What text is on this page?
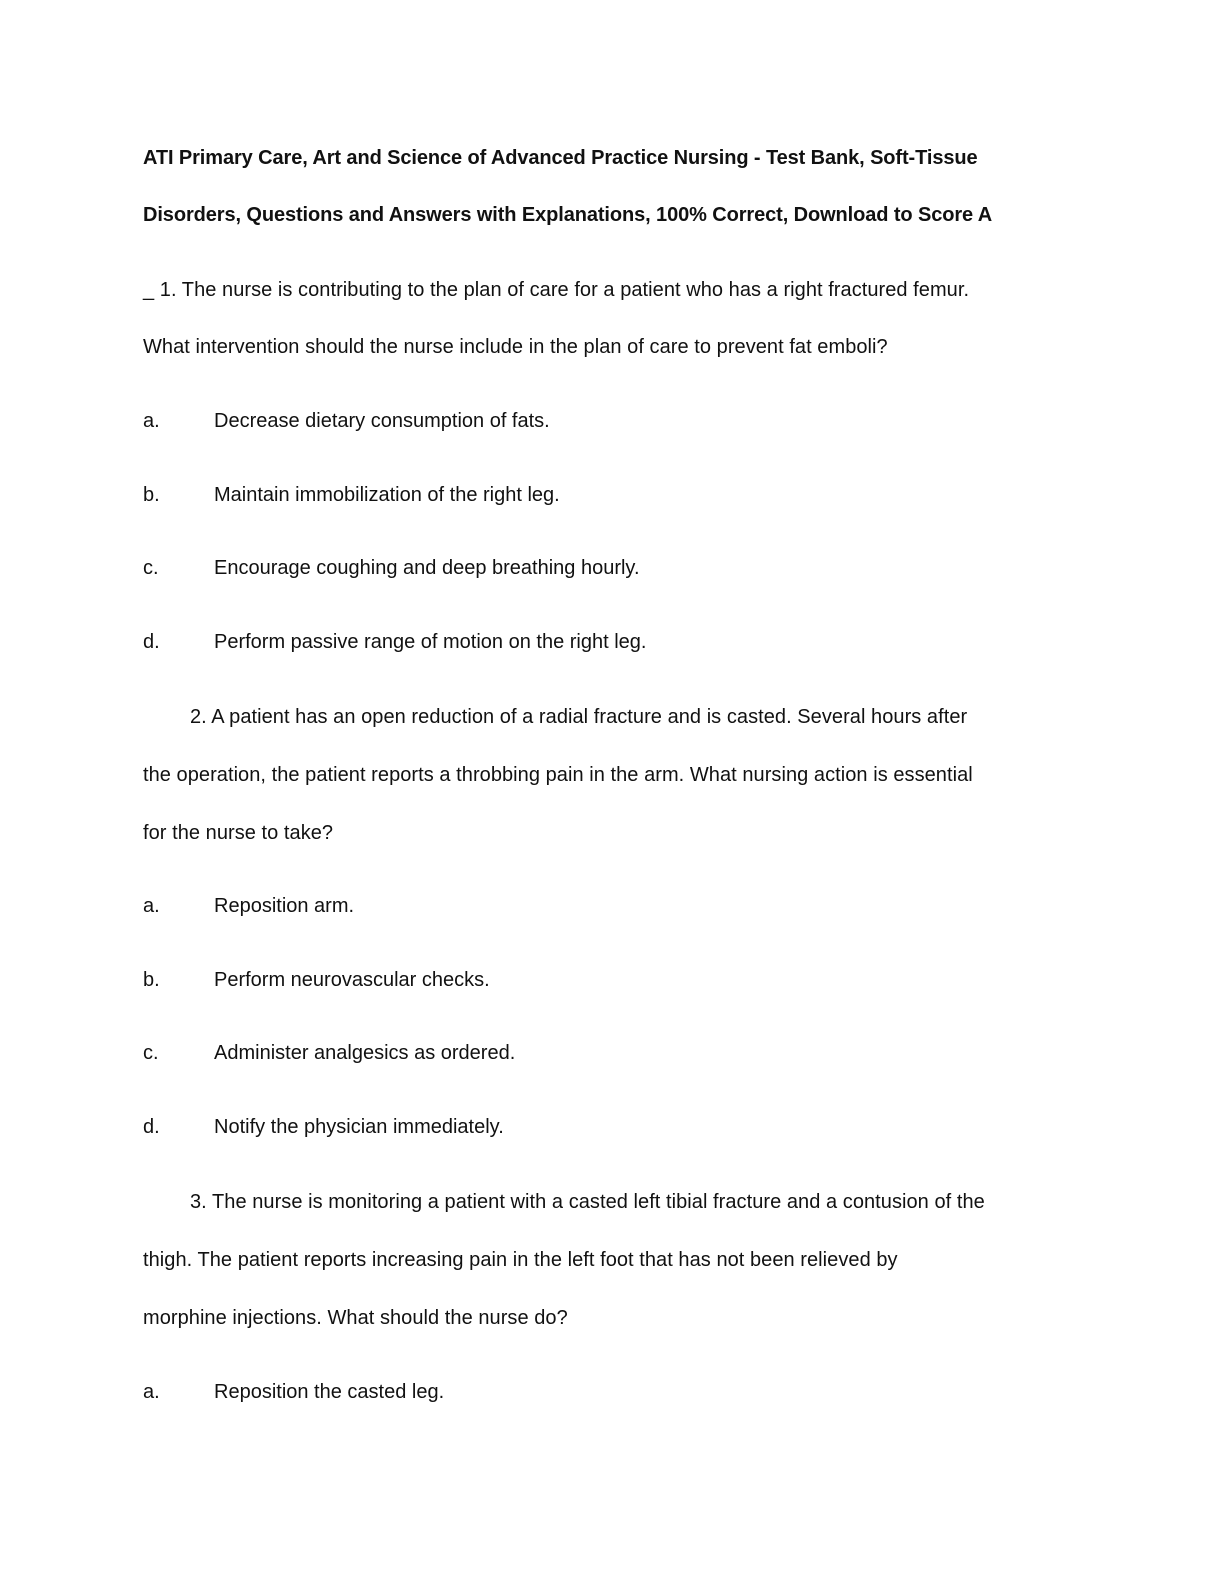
ATI Primary Care, Art and Science of Advanced Practice Nursing - Test Bank, Soft-Tissue
Disorders, Questions and Answers with Explanations, 100% Correct, Download to Score A
_ 1. The nurse is contributing to the plan of care for a patient who has a right fractured femur.
What intervention should the nurse include in the plan of care to prevent fat emboli?
a.	Decrease dietary consumption of fats.
b.	Maintain immobilization of the right leg.
c.	Encourage coughing and deep breathing hourly.
d.	Perform passive range of motion on the right leg.
2. A patient has an open reduction of a radial fracture and is casted. Several hours after
the operation, the patient reports a throbbing pain in the arm. What nursing action is essential
for the nurse to take?
a.	Reposition arm.
b.	Perform neurovascular checks.
c.	Administer analgesics as ordered.
d.	Notify the physician immediately.
3. The nurse is monitoring a patient with a casted left tibial fracture and a contusion of the
thigh. The patient reports increasing pain in the left foot that has not been relieved by
morphine injections. What should the nurse do?
a.	Reposition the casted leg.
